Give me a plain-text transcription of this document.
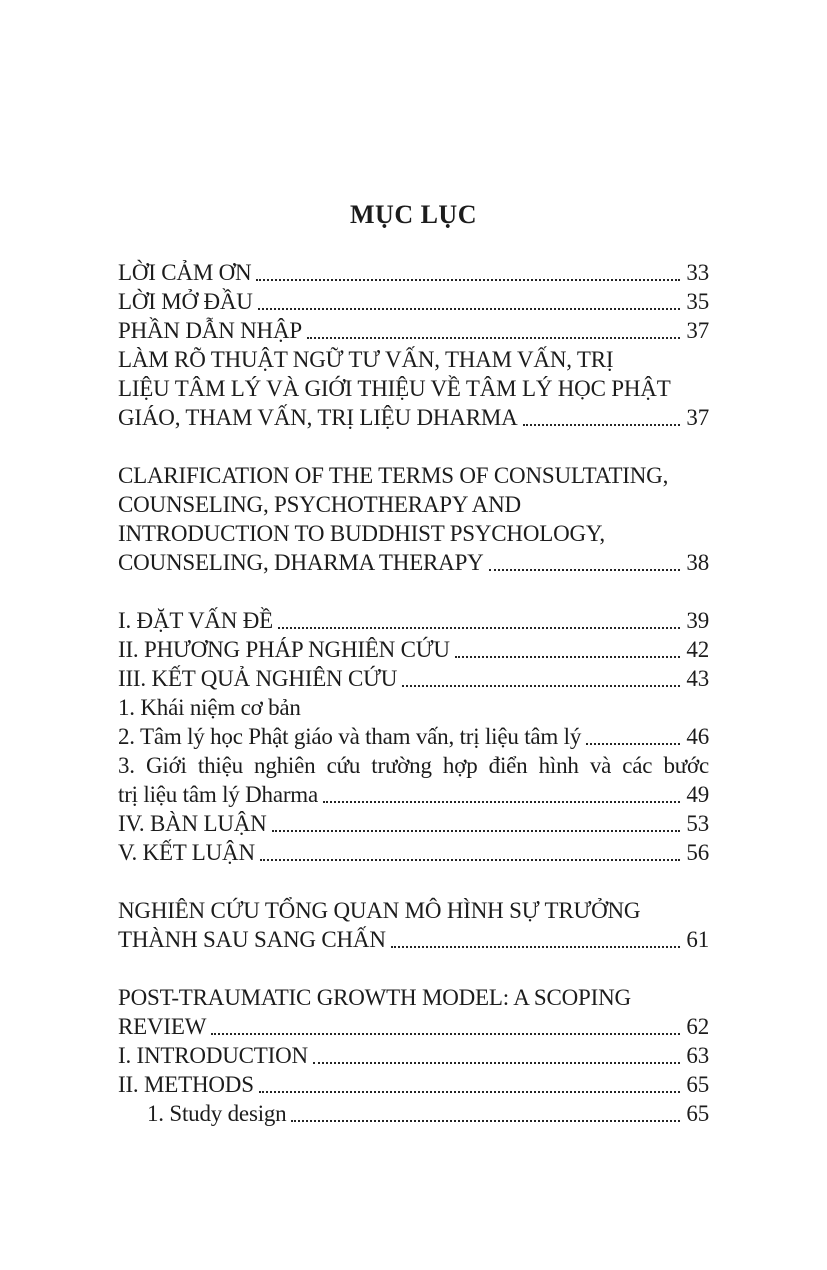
MỤC LỤC
LỜI CẢM ƠN	33
LỜI MỞ ĐẦU	35
PHẦN DẪN NHẬP	37
LÀM RÕ THUẬT NGỮ TƯ VẤN, THAM VẤN, TRỊ
LIỆU TÂM LÝ VÀ GIỚI THIỆU VỀ TÂM LÝ HỌC PHẬT
GIÁO, THAM VẤN, TRỊ LIỆU DHARMA	37
CLARIFICATION OF THE TERMS OF CONSULTATING,
COUNSELING, PSYCHOTHERAPY AND
INTRODUCTION TO BUDDHIST PSYCHOLOGY,
COUNSELING, DHARMA THERAPY	38
I. ĐẶT VẤN ĐỀ	39
II. PHƯƠNG PHÁP NGHIÊN CỨU	42
III. KẾT QUẢ NGHIÊN CỨU	43
1. Khái niệm cơ bản
2. Tâm lý học Phật giáo và tham vấn, trị liệu tâm lý	46
3. Giới thiệu nghiên cứu trường hợp điển hình và các bước
trị liệu tâm lý Dharma	49
IV. BÀN LUẬN	53
V. KẾT LUẬN	56
NGHIÊN CỨU TỔNG QUAN MÔ HÌNH SỰ TRƯỞNG
THÀNH SAU SANG CHẤN	61
POST-TRAUMATIC GROWTH MODEL: A SCOPING
REVIEW	62
I. INTRODUCTION	63
II. METHODS	65
1. Study design	65
